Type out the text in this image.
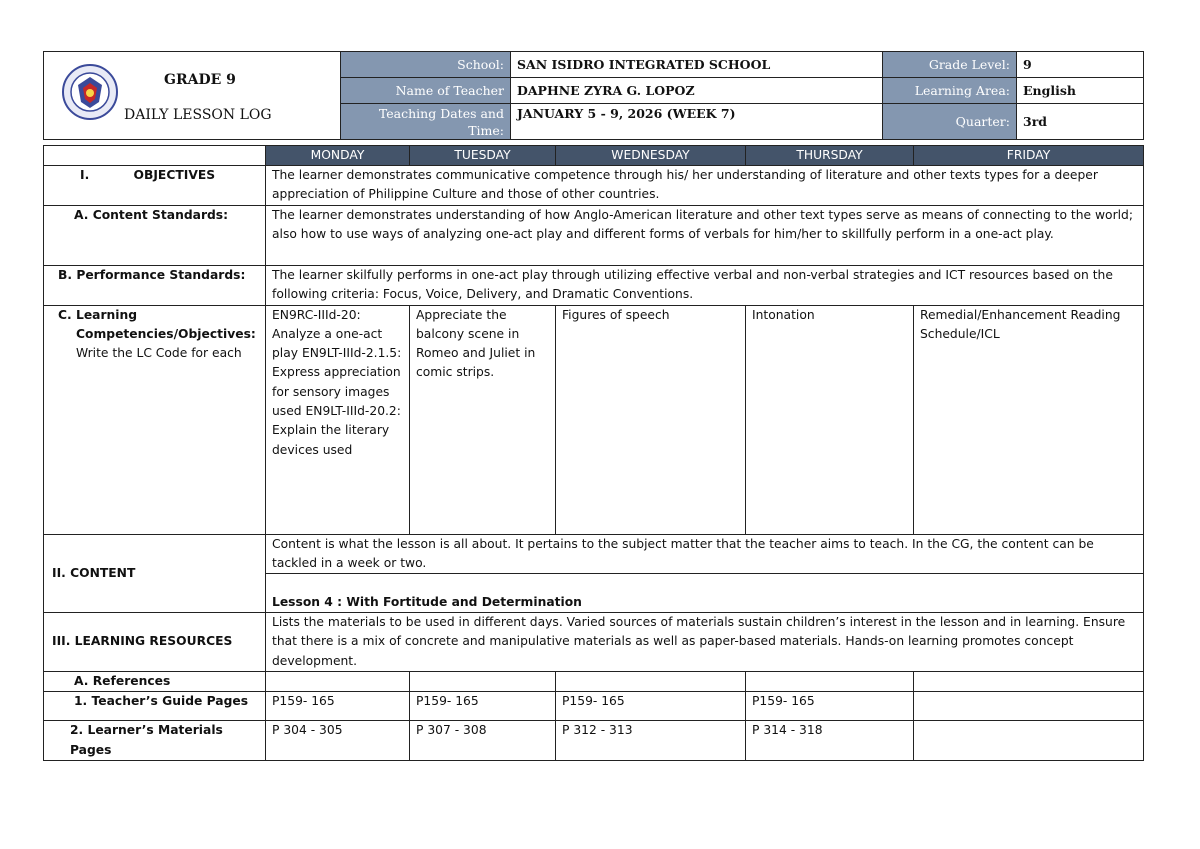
GRADE 9
DAILY LESSON LOG	School:	SAN ISIDRO INTEGRATED SCHOOL	Grade Level:	9
	Name of Teacher	DAPHNE ZYRA G. LOPOZ	Learning Area:	English
	Teaching Dates and Time:	JANUARY 5 - 9, 2026 (WEEK 7)	Quarter:	3rd
	MONDAY	TUESDAY	WEDNESDAY	THURSDAY	FRIDAY
I. OBJECTIVES	The learner demonstrates communicative competence through his/ her understanding of literature and other texts types for a deeper appreciation of Philippine Culture and those of other countries.				
A. Content Standards:	The learner demonstrates understanding of how Anglo-American literature and other text types serve as means of connecting to the world; also how to use ways of analyzing one-act play and different forms of verbals for him/her to skillfully perform in a one-act play.				
B. Performance Standards:	The learner skilfully performs in one-act play through utilizing effective verbal and non-verbal strategies and ICT resources based on the following criteria: Focus, Voice, Delivery, and Dramatic Conventions.				

C. Learning
Competencies/Objectives:
Write the LC Code for each	EN9RC-IIId-20: Analyze a one-act play EN9LT-IIId-2.1.5: Express appreciation for sensory images used EN9LT-IIId-20.2: Explain the literary devices used	Appreciate the balcony scene in Romeo and Juliet in comic strips.	Figures of speech	Intonation	Remedial/Enhancement Reading Schedule/ICL
II. CONTENT	Content is what the lesson is all about. It pertains to the subject matter that the teacher aims to teach. In the CG, the content can be tackled in a week or two.				
	Lesson 4 : With Fortitude and Determination				
III. LEARNING RESOURCES	Lists the materials to be used in different days. Varied sources of materials sustain children’s interest in the lesson and in learning. Ensure that there is a mix of concrete and manipulative materials as well as paper-based materials. Hands-on learning promotes concept development.				
A. References					
1. Teacher’s Guide Pages	P159- 165	P159- 165	P159- 165	P159- 165	
2. Learner’s Materials Pages	P 304 - 305	P 307 - 308	P 312 - 313	P 314 - 318	
